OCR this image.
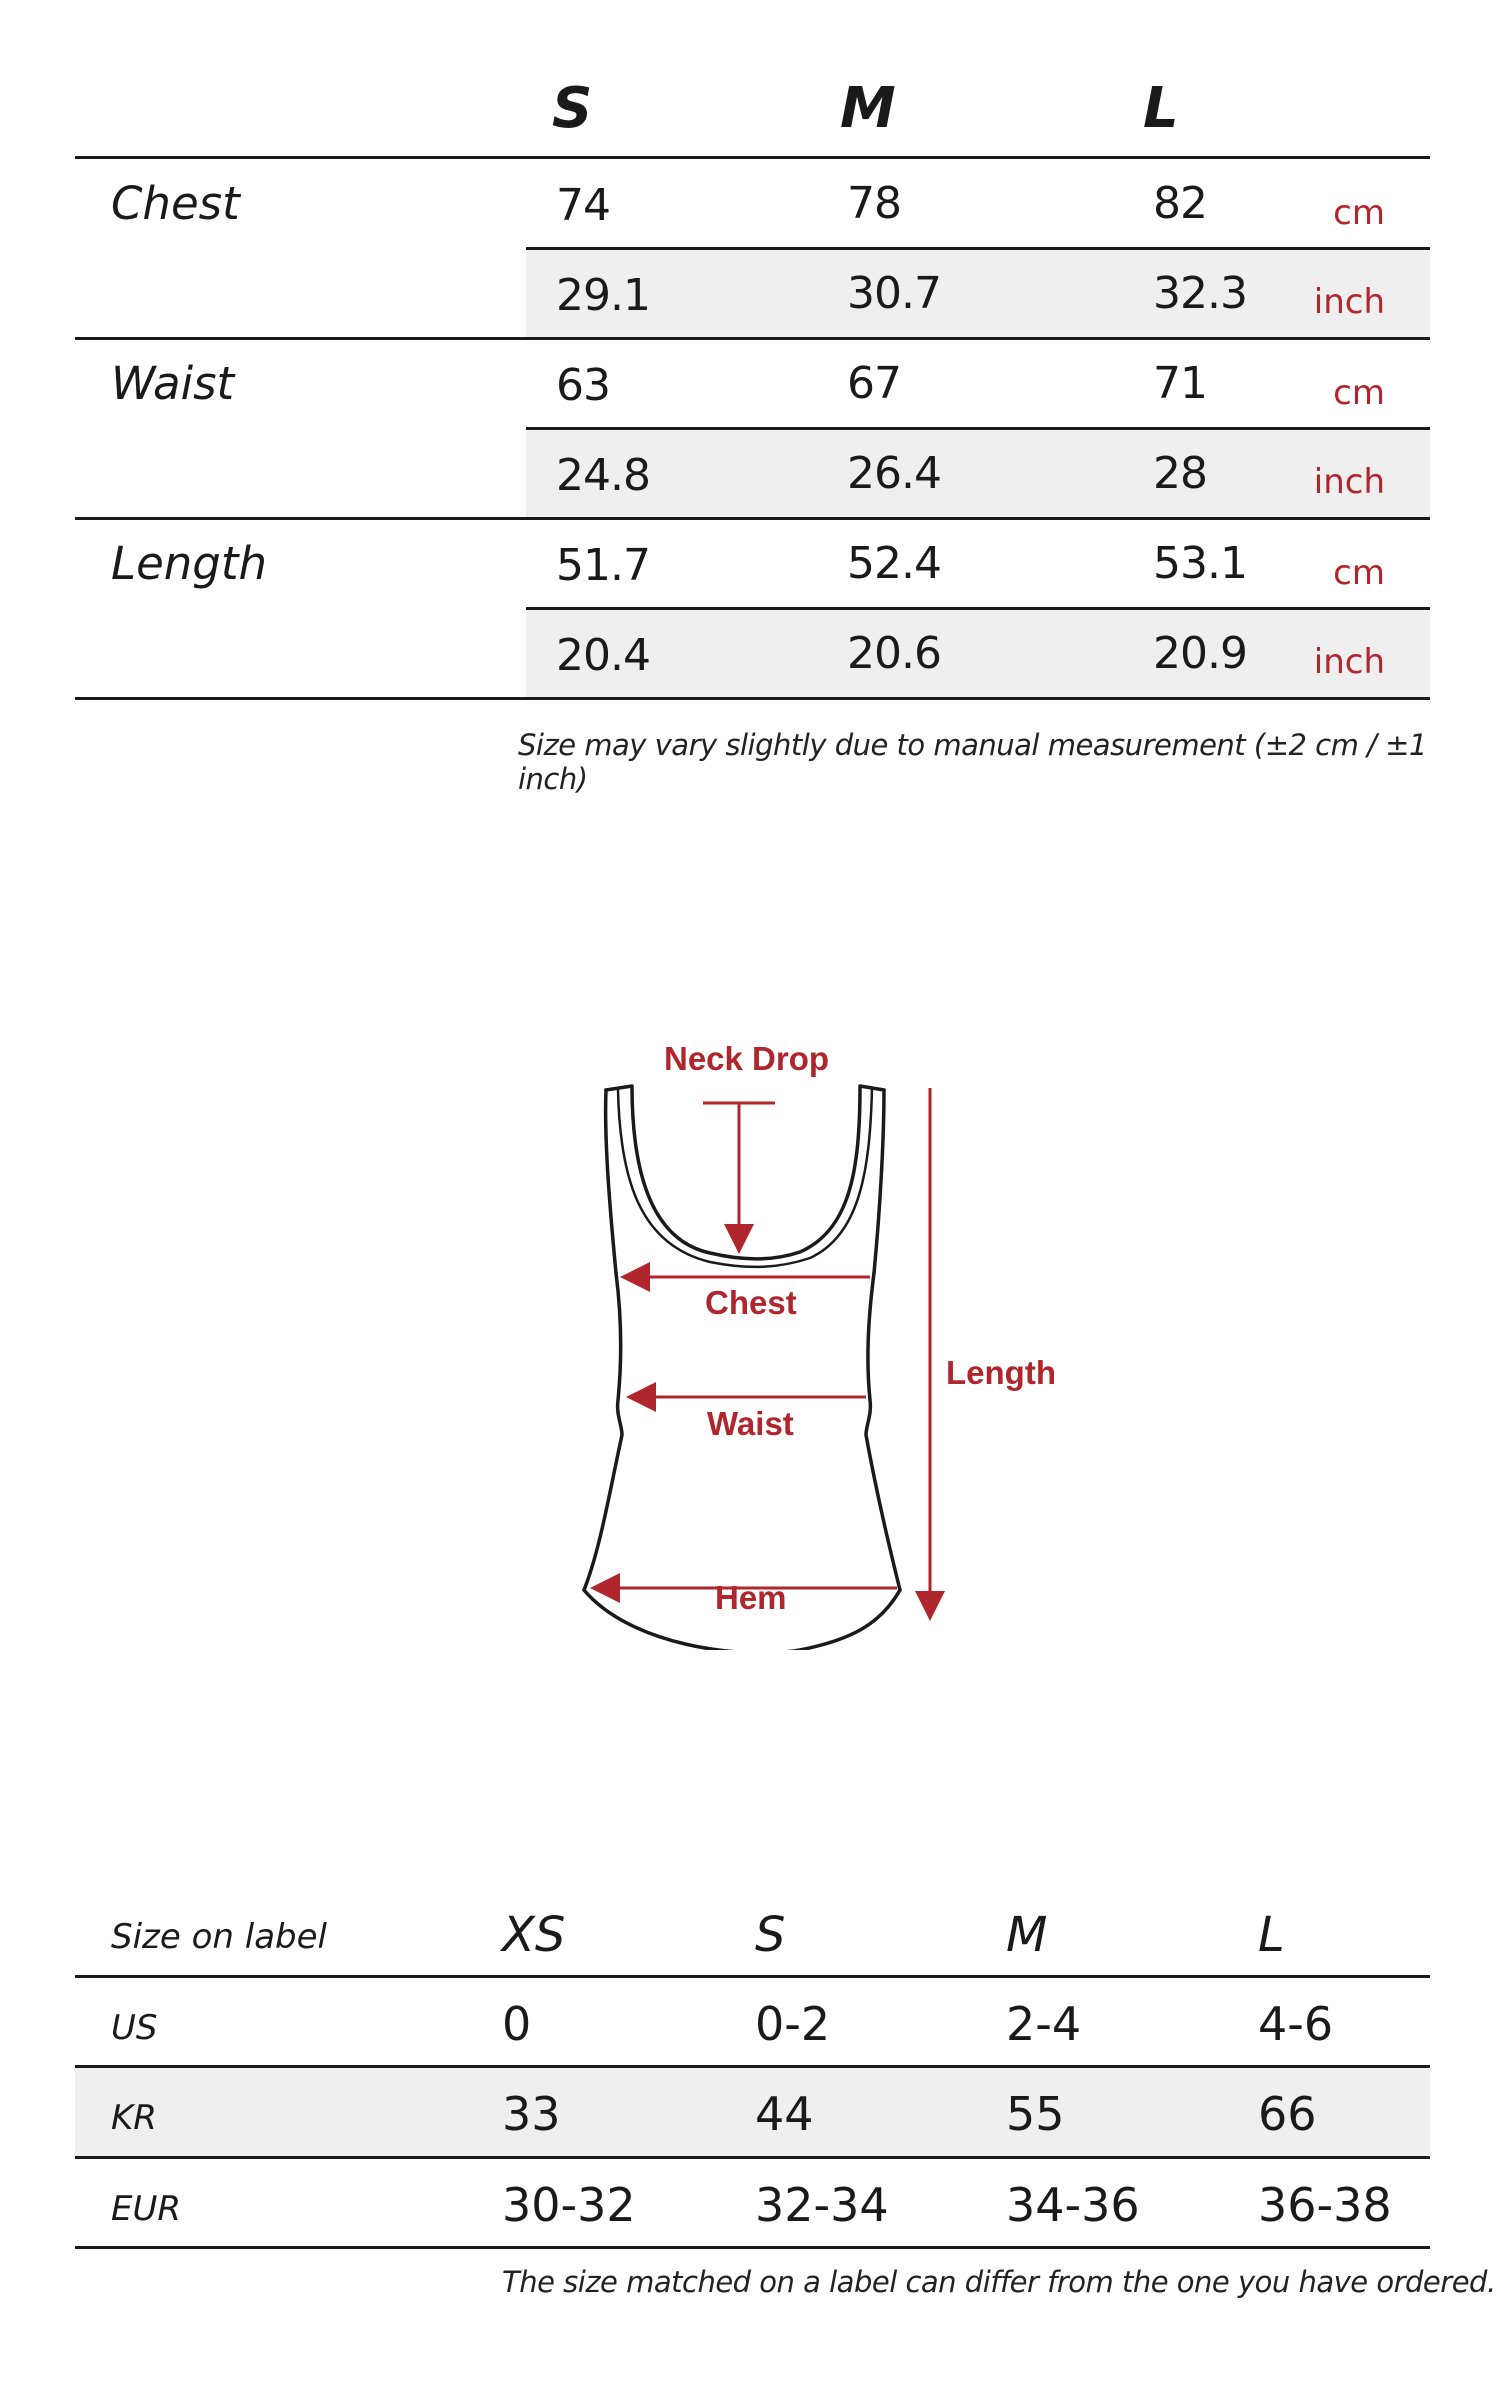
S	M	L
Chest	74	78	82	cm
29.1	30.7	32.3	inch
Waist	63	67	71	cm
24.8	26.4	28	inch
Length	51.7	52.4	53.1	cm
20.4	20.6	20.9	inch
Size may vary slightly due to manual measurement (±2 cm / ±1 inch)
Neck Drop
Chest
Waist
Hem
Length
Size on label	XS	S	M	L
US	0	0-2	2-4	4-6
KR	33	44	55	66
EUR	30-32	32-34	34-36	36-38
The size matched on a label can differ from the one you have ordered.
